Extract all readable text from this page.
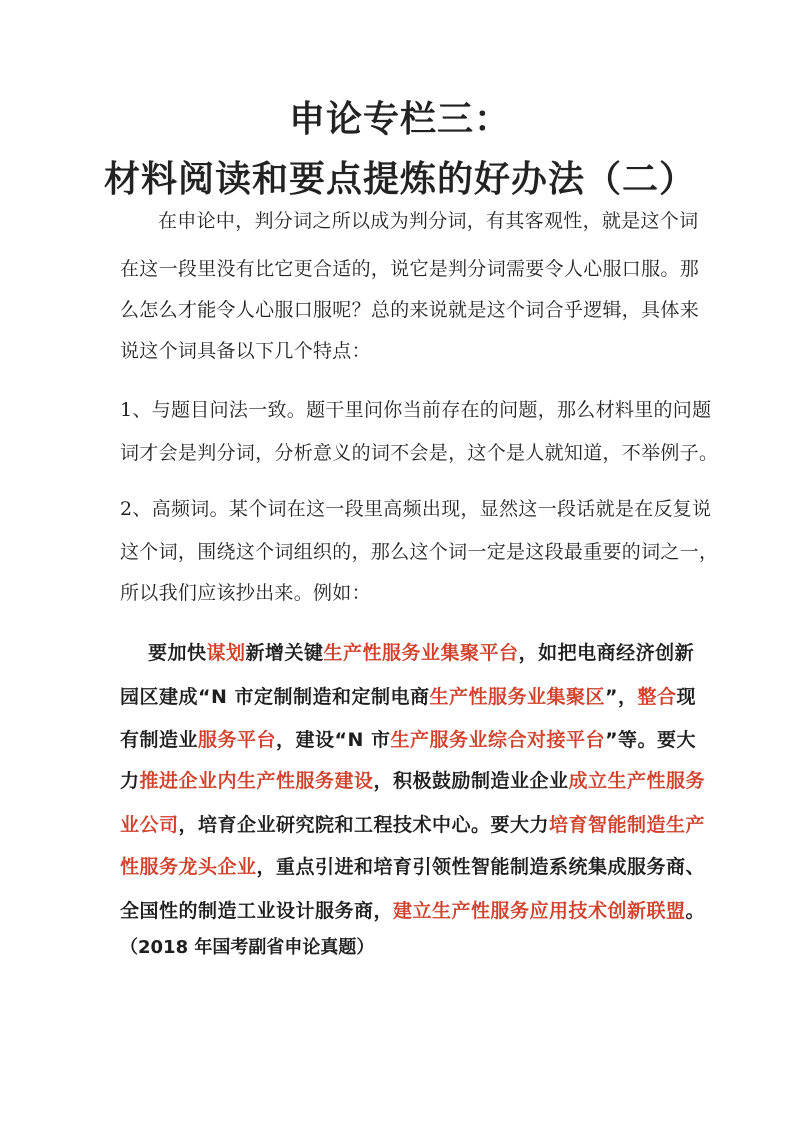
申论专栏三：
材料阅读和要点提炼的好办法（二）
在申论中，判分词之所以成为判分词，有其客观性，就是这个词
在这一段里没有比它更合适的，说它是判分词需要令人心服口服。那
么怎么才能令人心服口服呢？总的来说就是这个词合乎逻辑，具体来
说这个词具备以下几个特点：
1、与题目问法一致。题干里问你当前存在的问题，那么材料里的问题
词才会是判分词，分析意义的词不会是，这个是人就知道，不举例子。
2、高频词。某个词在这一段里高频出现，显然这一段话就是在反复说
这个词，围绕这个词组织的，那么这个词一定是这段最重要的词之一，
所以我们应该抄出来。例如：
要加快谋划新增关键生产性服务业集聚平台，如把电商经济创新
园区建成“N 市定制制造和定制电商生产性服务业集聚区”，整合现
有制造业服务平台，建设“N 市生产服务业综合对接平台”等。要大
力推进企业内生产性服务建设，积极鼓励制造业企业成立生产性服务
业公司，培育企业研究院和工程技术中心。要大力培育智能制造生产
性服务龙头企业，重点引进和培育引领性智能制造系统集成服务商、
全国性的制造工业设计服务商，建立生产性服务应用技术创新联盟。
（2018 年国考副省申论真题）
